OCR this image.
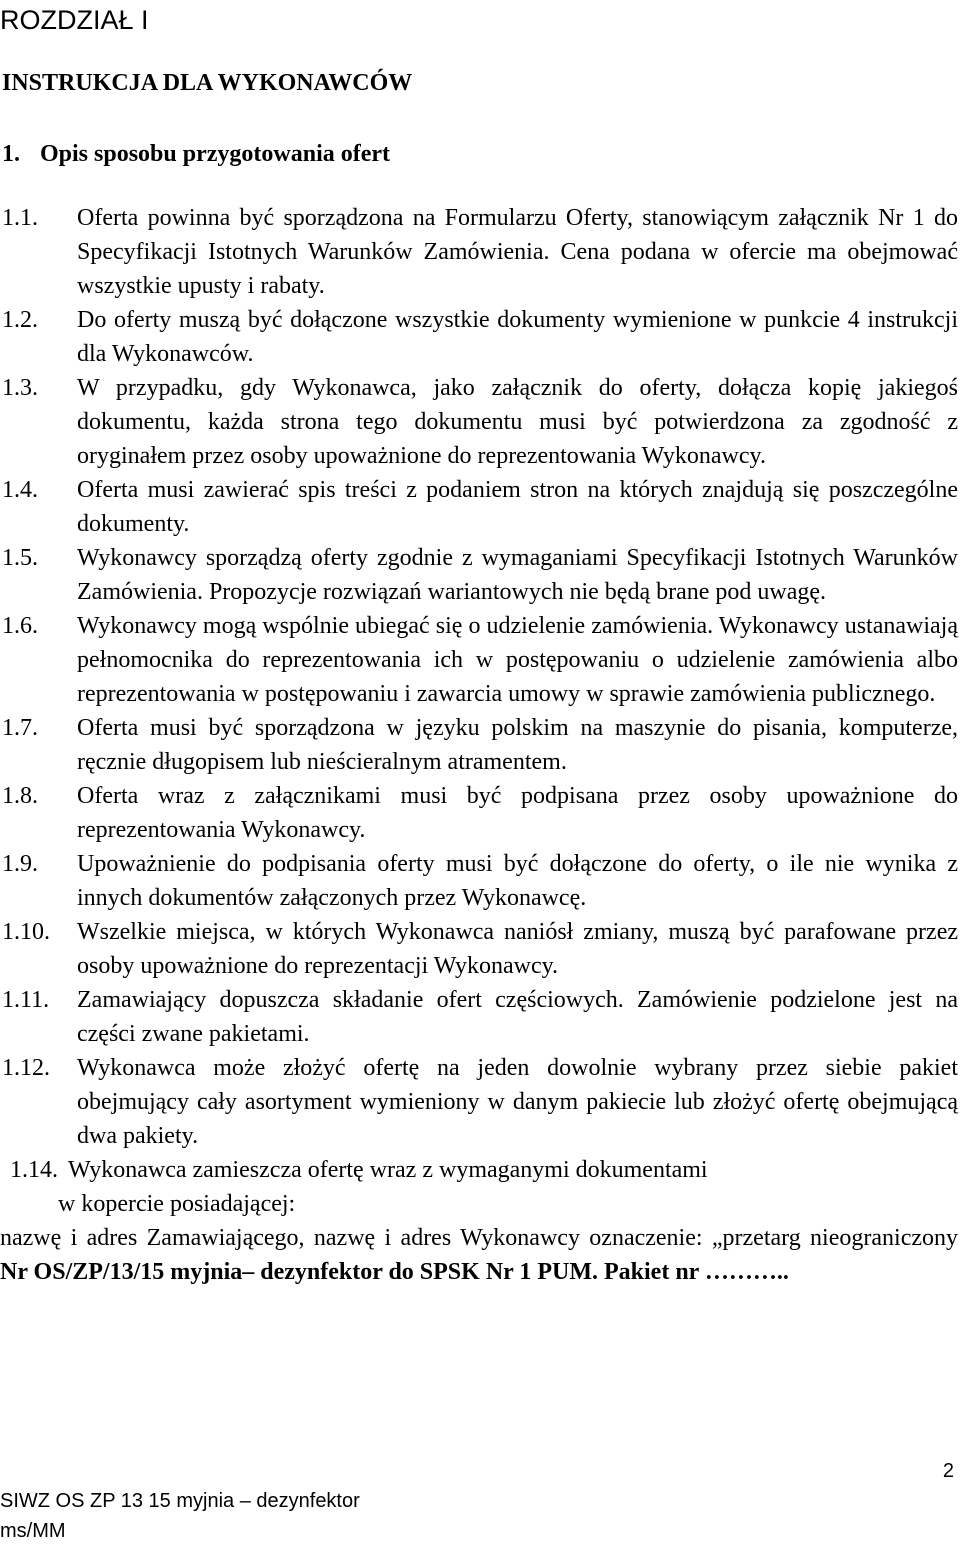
ROZDZIAŁ I
INSTRUKCJA DLA WYKONAWCÓW
1. Opis sposobu przygotowania ofert
1.1.	Oferta powinna być sporządzona na Formularzu Oferty, stanowiącym załącznik Nr 1 do Specyfikacji Istotnych Warunków Zamówienia. Cena podana w ofercie ma obejmować wszystkie upusty i rabaty.
1.2.	Do oferty muszą być dołączone wszystkie dokumenty wymienione w punkcie 4 instrukcji dla Wykonawców.
1.3.	W przypadku, gdy Wykonawca, jako załącznik do oferty, dołącza kopię jakiegoś dokumentu, każda strona tego dokumentu musi być potwierdzona za zgodność z oryginałem przez osoby upoważnione do reprezentowania Wykonawcy.
1.4.	Oferta musi zawierać spis treści z podaniem stron na których znajdują się poszczególne dokumenty.
1.5.	Wykonawcy sporządzą oferty zgodnie z wymaganiami Specyfikacji Istotnych Warunków Zamówienia. Propozycje rozwiązań wariantowych nie będą brane pod uwagę.
1.6.	Wykonawcy mogą wspólnie ubiegać się o udzielenie zamówienia. Wykonawcy ustanawiają pełnomocnika do reprezentowania ich w postępowaniu o udzielenie zamówienia albo reprezentowania w postępowaniu i zawarcia umowy w sprawie zamówienia publicznego.
1.7.	Oferta musi być sporządzona w języku polskim na maszynie do pisania, komputerze, ręcznie długopisem lub nieścieralnym atramentem.
1.8.	Oferta wraz z załącznikami musi być podpisana przez osoby upoważnione do reprezentowania Wykonawcy.
1.9.	Upoważnienie do podpisania oferty musi być dołączone do oferty, o ile nie wynika z innych dokumentów załączonych przez Wykonawcę.
1.10.	Wszelkie miejsca, w których Wykonawca naniósł zmiany, muszą być parafowane przez osoby upoważnione do reprezentacji Wykonawcy.
1.11.	Zamawiający dopuszcza składanie ofert częściowych. Zamówienie podzielone jest na części zwane pakietami.
1.12.	Wykonawca może złożyć ofertę na jeden dowolnie wybrany przez siebie pakiet obejmujący cały asortyment wymieniony w danym pakiecie lub złożyć ofertę obejmującą dwa pakiety.
1.14. Wykonawca zamieszcza ofertę wraz z wymaganymi dokumentami

w kopercie posiadającej:

nazwę i adres Zamawiającego, nazwę i adres Wykonawcy oznaczenie: „przetarg nieograniczony Nr OS/ZP/13/15 myjnia– dezynfektor do SPSK Nr 1 PUM. Pakiet nr ………..

2
SIWZ OS ZP 13 15 myjnia – dezynfektor
ms/MM
